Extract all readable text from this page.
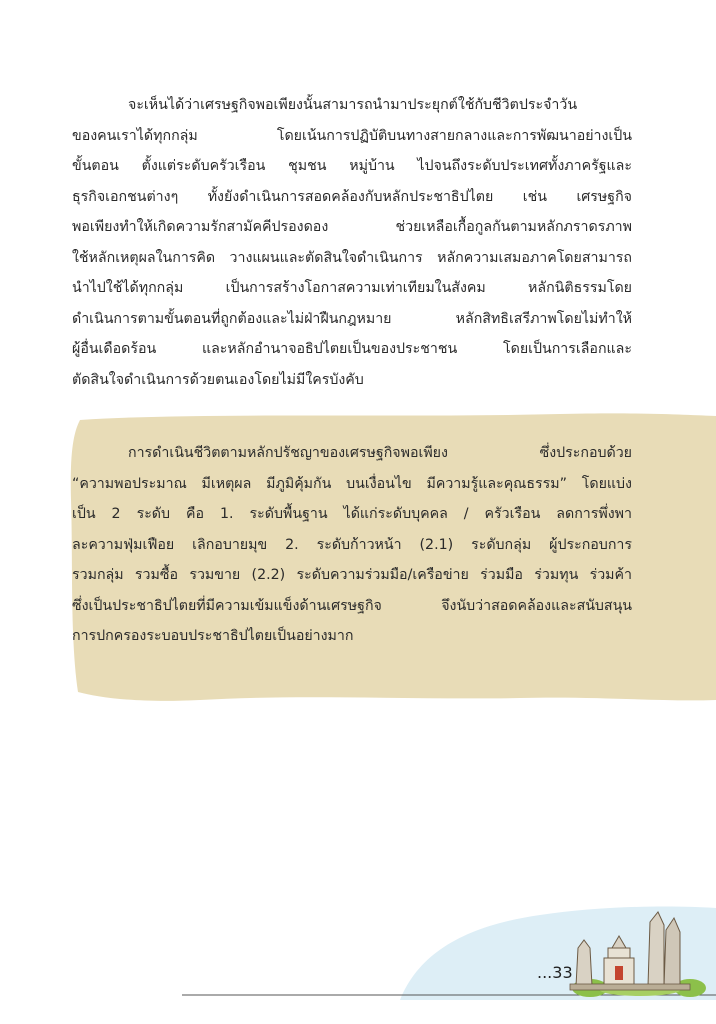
จะเห็นได้ว่าเศรษฐกิจพอเพียงนั้นสามารถนำมาประยุกต์ใช้กับชีวิตประจำวัน
ของคนเราได้ทุกกลุ่ม โดยเน้นการปฏิบัติบนทางสายกลางและการพัฒนาอย่างเป็น
ขั้นตอน ตั้งแต่ระดับครัวเรือน ชุมชน หมู่บ้าน ไปจนถึงระดับประเทศทั้งภาครัฐและ
ธุรกิจเอกชนต่างๆ ทั้งยังดำเนินการสอดคล้องกับหลักประชาธิปไตย เช่น เศรษฐกิจ
พอเพียงทำให้เกิดความรักสามัคคีปรองดอง ช่วยเหลือเกื้อกูลกันตามหลักภราดรภาพ
ใช้หลักเหตุผลในการคิด วางแผนและตัดสินใจดำเนินการ หลักความเสมอภาคโดยสามารถ
นำไปใช้ได้ทุกกลุ่ม เป็นการสร้างโอกาสความเท่าเทียมในสังคม หลักนิติธรรมโดย
ดำเนินการตามขั้นตอนที่ถูกต้องและไม่ฝ่าฝืนกฎหมาย หลักสิทธิเสรีภาพโดยไม่ทำให้
ผู้อื่นเดือดร้อน และหลักอำนาจอธิปไตยเป็นของประชาชน โดยเป็นการเลือกและ
ตัดสินใจดำเนินการด้วยตนเองโดยไม่มีใครบังคับ
การดำเนินชีวิตตามหลักปรัชญาของเศรษฐกิจพอเพียง ซึ่งประกอบด้วย
“ความพอประมาณ มีเหตุผล มีภูมิคุ้มกัน บนเงื่อนไข มีความรู้และคุณธรรม” โดยแบ่ง
เป็น 2 ระดับ คือ 1. ระดับพื้นฐาน ได้แก่ระดับบุคคล / ครัวเรือน ลดการพึ่งพา
ละความฟุ่มเฟือย เลิกอบายมุข 2. ระดับก้าวหน้า (2.1) ระดับกลุ่ม ผู้ประกอบการ
รวมกลุ่ม รวมซื้อ รวมขาย (2.2) ระดับความร่วมมือ/เครือข่าย ร่วมมือ ร่วมทุน ร่วมค้า
ซึ่งเป็นประชาธิปไตยที่มีความเข้มแข็งด้านเศรษฐกิจ จึงนับว่าสอดคล้องและสนับสนุน
การปกครองระบอบประชาธิปไตยเป็นอย่างมาก
...33
